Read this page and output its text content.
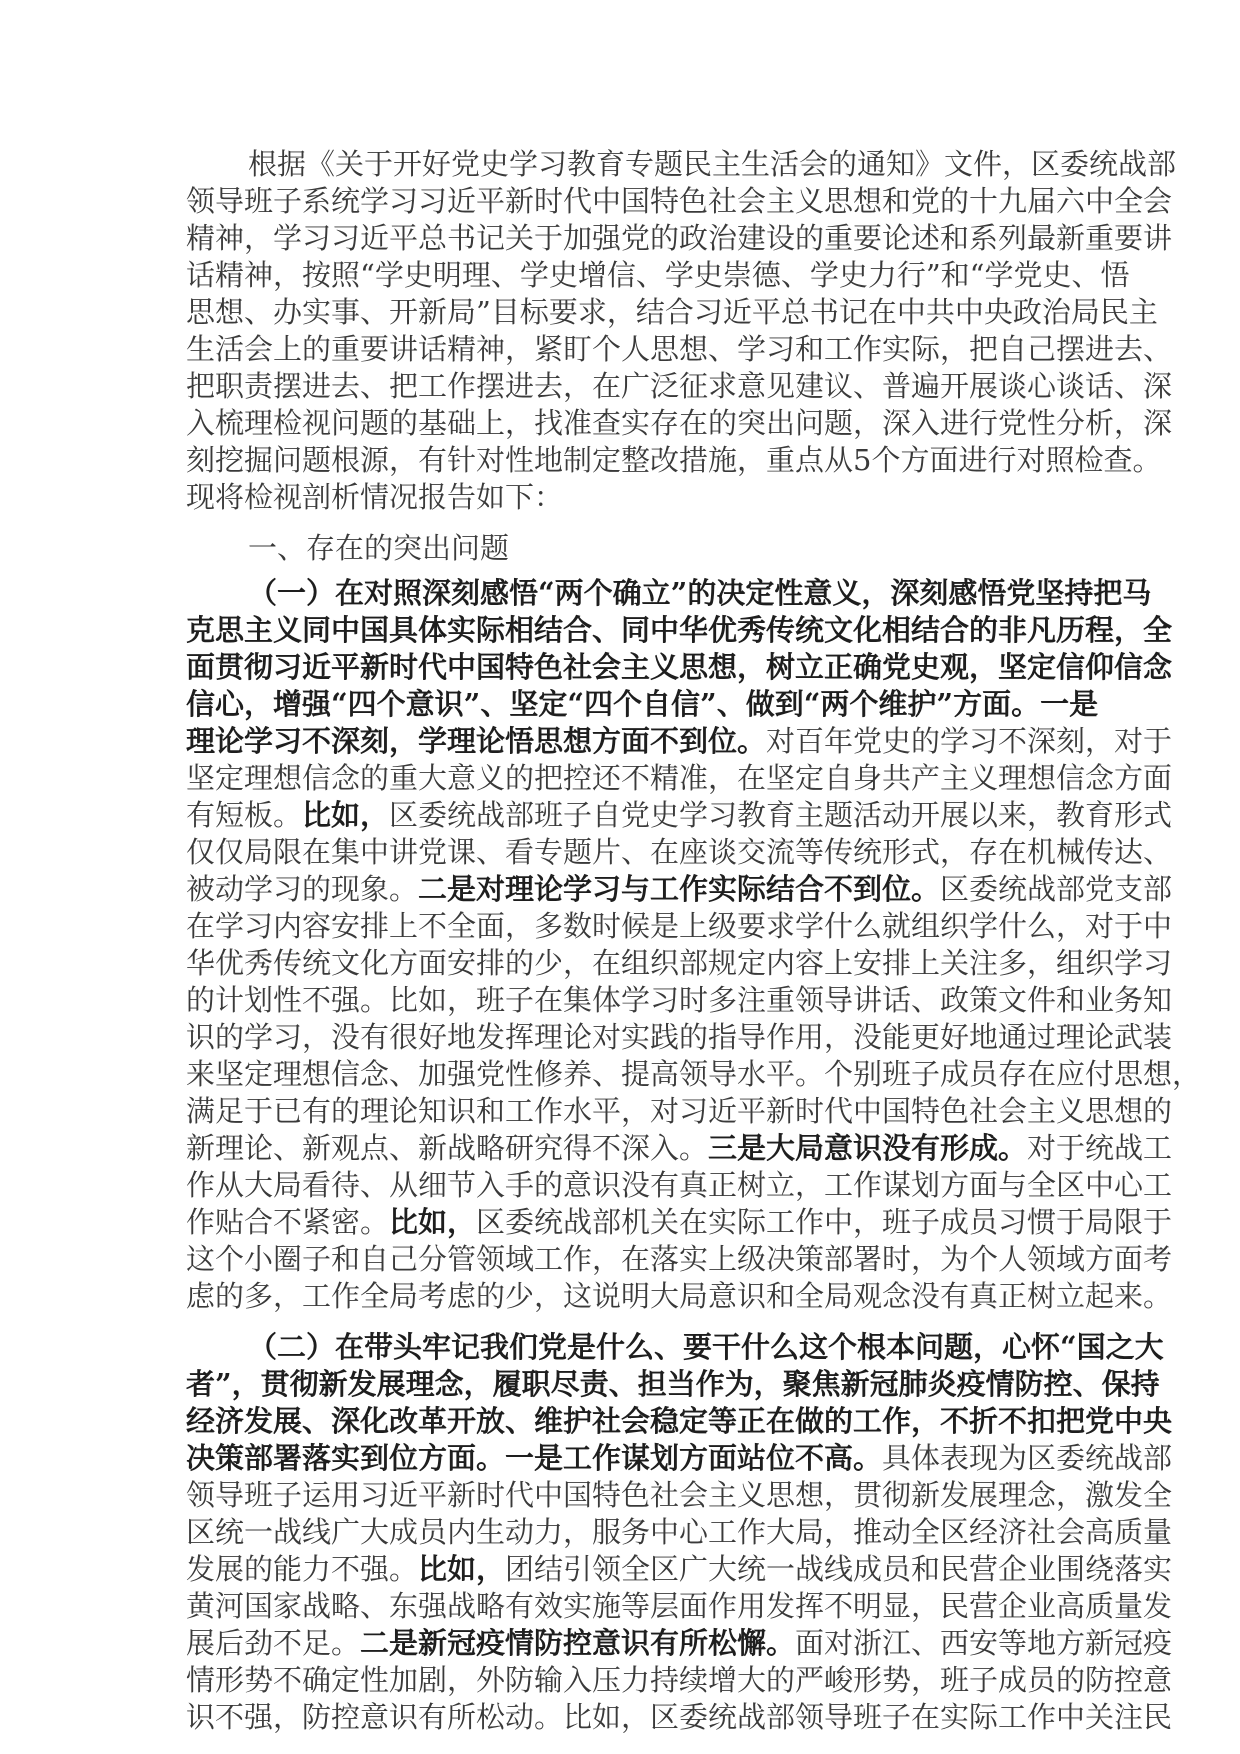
根据《关于开好党史学习教育专题民主生活会的通知》文件，区委统战部
领导班子系统学习习近平新时代中国特色社会主义思想和党的十九届六中全会
精神，学习习近平总书记关于加强党的政治建设的重要论述和系列最新重要讲
话精神，按照“学史明理、学史增信、学史崇德、学史力行”和“学党史、悟
思想、办实事、开新局”目标要求，结合习近平总书记在中共中央政治局民主
生活会上的重要讲话精神，紧盯个人思想、学习和工作实际，把自己摆进去、
把职责摆进去、把工作摆进去，在广泛征求意见建议、普遍开展谈心谈话、深
入梳理检视问题的基础上，找准查实存在的突出问题，深入进行党性分析，深
刻挖掘问题根源，有针对性地制定整改措施，重点从5个方面进行对照检查。
现将检视剖析情况报告如下：
一、存在的突出问题
（一）在对照深刻感悟“两个确立”的决定性意义，深刻感悟党坚持把马
克思主义同中国具体实际相结合、同中华优秀传统文化相结合的非凡历程，全
面贯彻习近平新时代中国特色社会主义思想，树立正确党史观，坚定信仰信念
信心，增强“四个意识”、坚定“四个自信”、做到“两个维护”方面。一是
理论学习不深刻，学理论悟思想方面不到位。对百年党史的学习不深刻，对于
坚定理想信念的重大意义的把控还不精准，在坚定自身共产主义理想信念方面
有短板。比如，区委统战部班子自党史学习教育主题活动开展以来，教育形式
仅仅局限在集中讲党课、看专题片、在座谈交流等传统形式，存在机械传达、
被动学习的现象。二是对理论学习与工作实际结合不到位。区委统战部党支部
在学习内容安排上不全面，多数时候是上级要求学什么就组织学什么，对于中
华优秀传统文化方面安排的少，在组织部规定内容上安排上关注多，组织学习
的计划性不强。比如，班子在集体学习时多注重领导讲话、政策文件和业务知
识的学习，没有很好地发挥理论对实践的指导作用，没能更好地通过理论武装
来坚定理想信念、加强党性修养、提高领导水平。个别班子成员存在应付思想，
满足于已有的理论知识和工作水平，对习近平新时代中国特色社会主义思想的
新理论、新观点、新战略研究得不深入。三是大局意识没有形成。对于统战工
作从大局看待、从细节入手的意识没有真正树立，工作谋划方面与全区中心工
作贴合不紧密。比如，区委统战部机关在实际工作中，班子成员习惯于局限于
这个小圈子和自己分管领域工作，在落实上级决策部署时，为个人领域方面考
虑的多，工作全局考虑的少，这说明大局意识和全局观念没有真正树立起来。
（二）在带头牢记我们党是什么、要干什么这个根本问题，心怀“国之大
者”，贯彻新发展理念，履职尽责、担当作为，聚焦新冠肺炎疫情防控、保持
经济发展、深化改革开放、维护社会稳定等正在做的工作，不折不扣把党中央
决策部署落实到位方面。一是工作谋划方面站位不高。具体表现为区委统战部
领导班子运用习近平新时代中国特色社会主义思想，贯彻新发展理念，激发全
区统一战线广大成员内生动力，服务中心工作大局，推动全区经济社会高质量
发展的能力不强。比如，团结引领全区广大统一战线成员和民营企业围绕落实
黄河国家战略、东强战略有效实施等层面作用发挥不明显，民营企业高质量发
展后劲不足。二是新冠疫情防控意识有所松懈。面对浙江、西安等地方新冠疫
情形势不确定性加剧，外防输入压力持续增大的严峻形势，班子成员的防控意
识不强，防控意识有所松动。比如，区委统战部领导班子在实际工作中关注民
